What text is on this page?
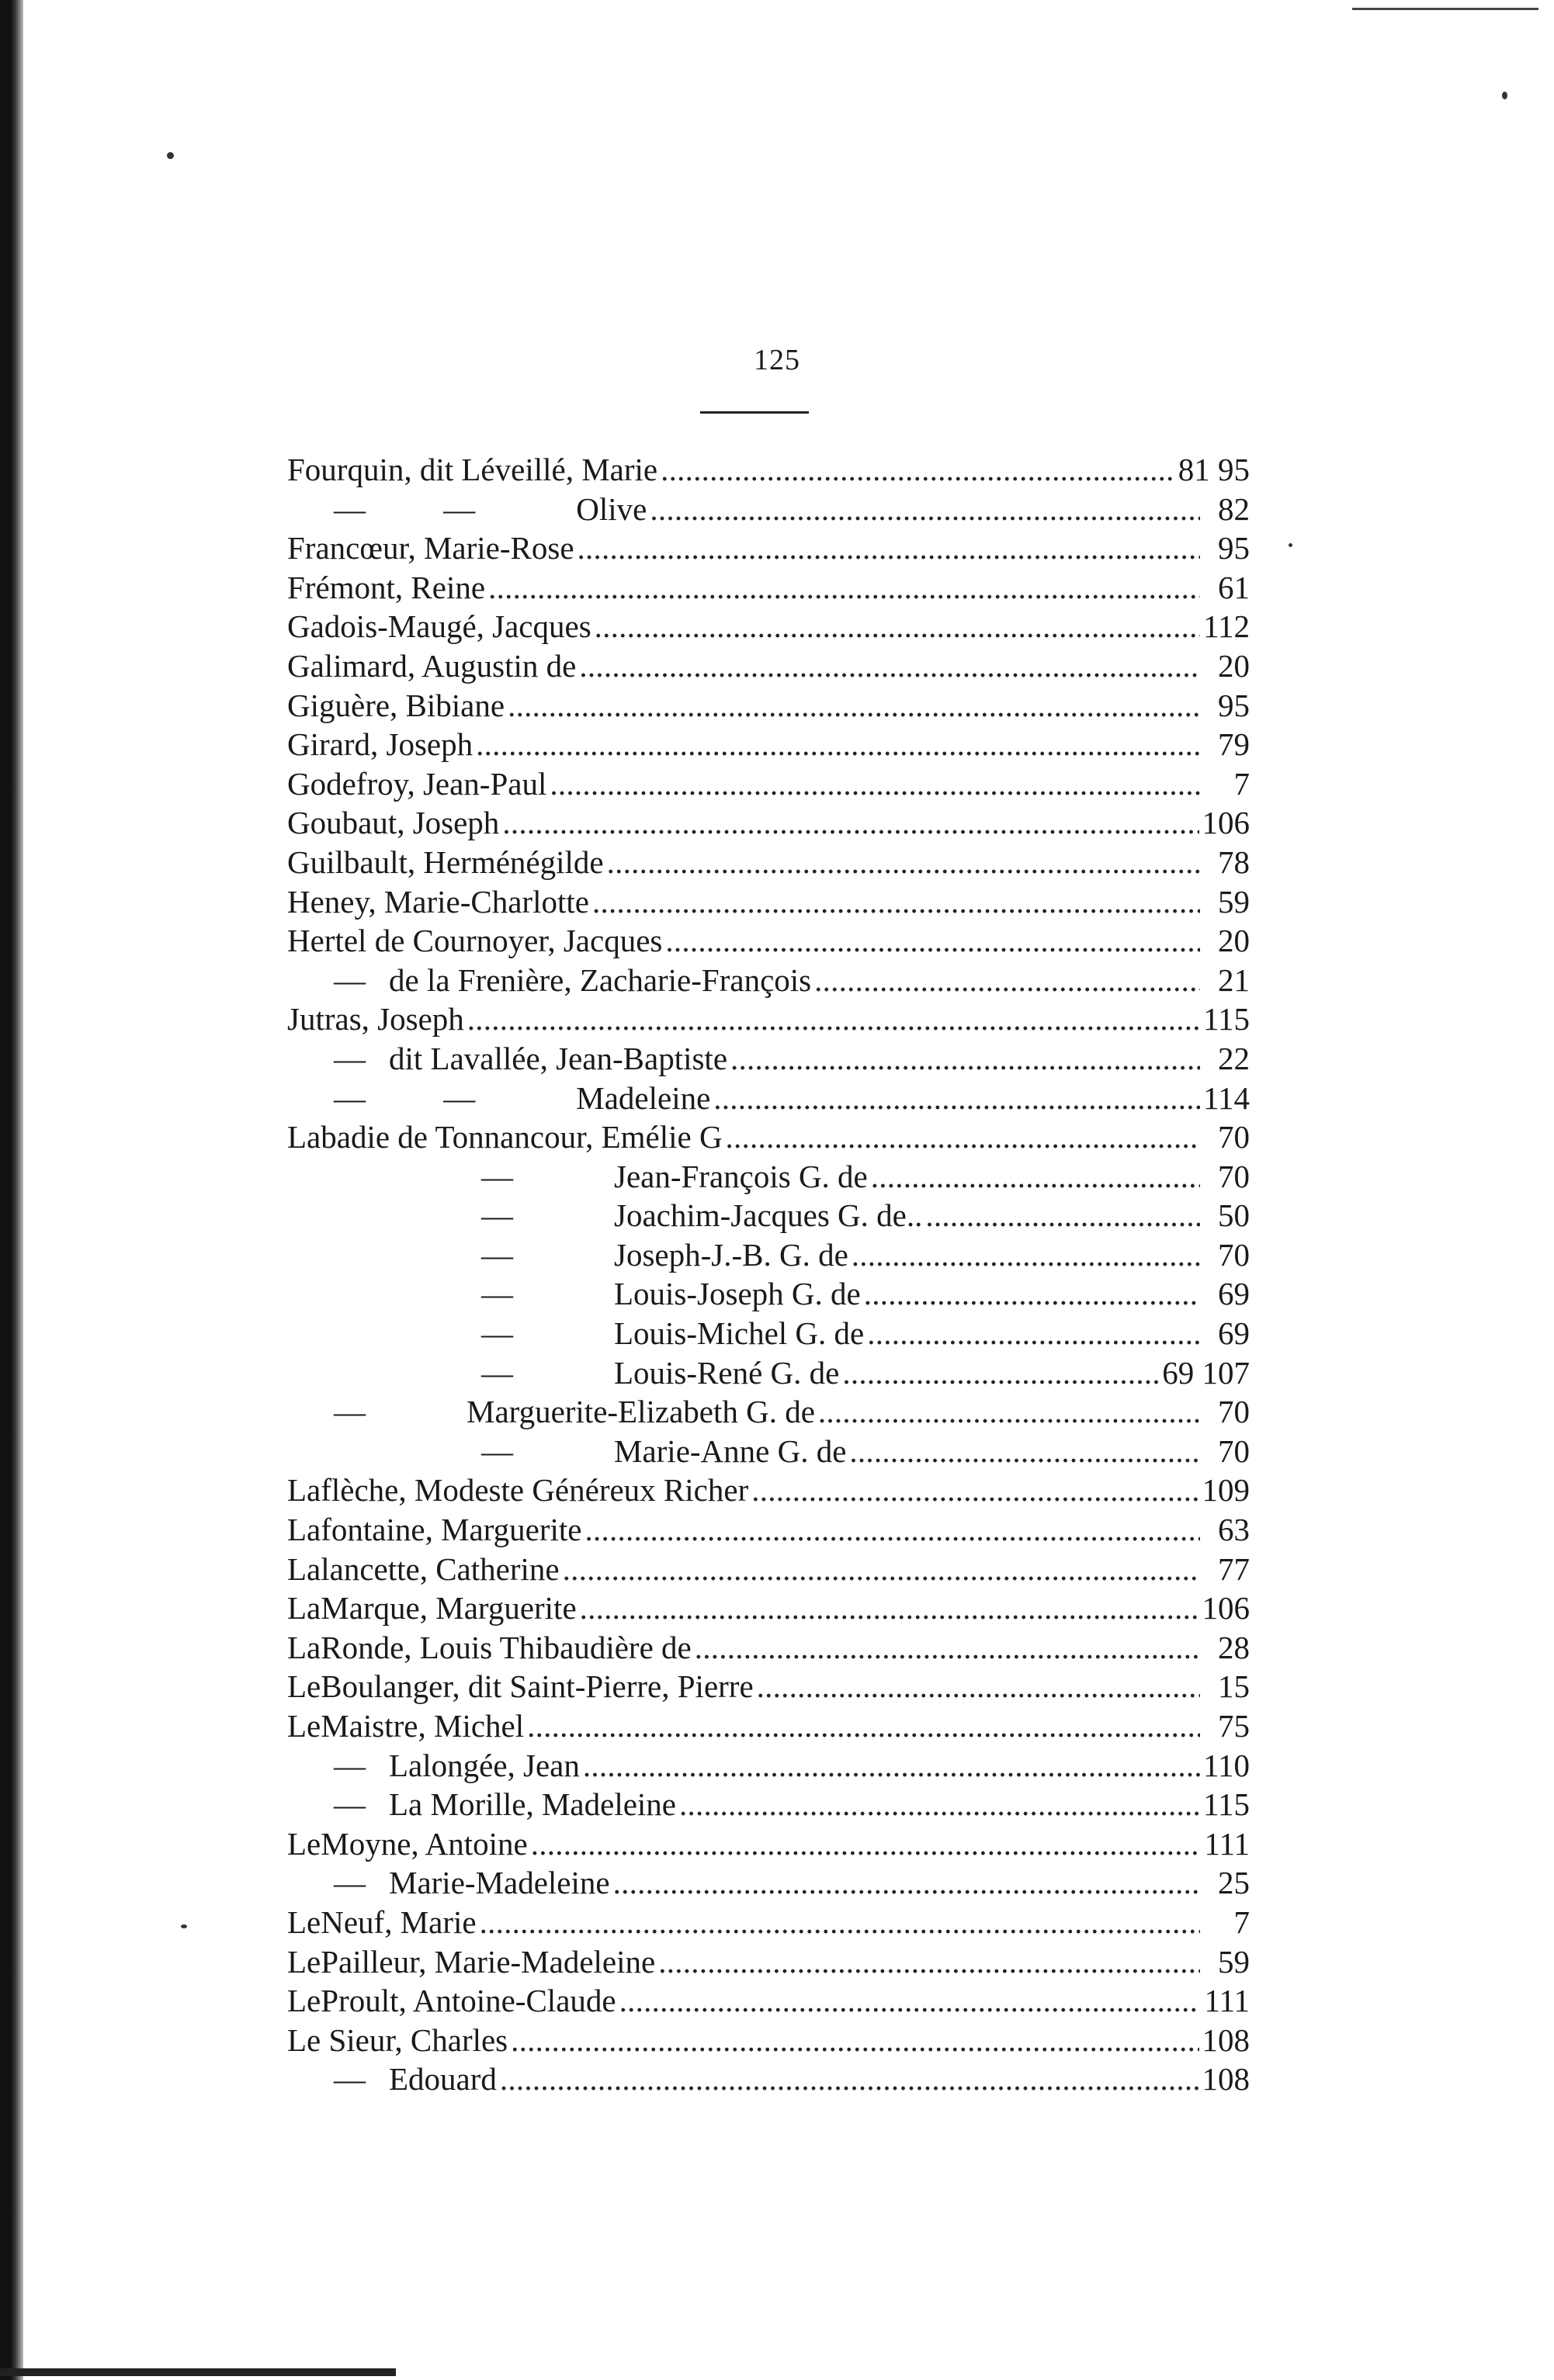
125
Fourquin, dit Léveillé, Marie . . .	81 95
— —	Olive . . .	82
Francœur, Marie-Rose . . .	95
Frémont, Reine . . .	61
Gadois-Maugé, Jacques . . .	112
Galimard, Augustin de . . .	20
Giguère, Bibiane . . .	95
Girard, Joseph . . .	79
Godefroy, Jean-Paul . . .	7
Goubaut, Joseph . . .	106
Guilbault, Herménégilde . . .	78
Heney, Marie-Charlotte . . .	59
Hertel de Cournoyer, Jacques . . .	20
— de la Frenière, Zacharie-François . . .	21
Jutras, Joseph . . .	115
— dit Lavallée, Jean-Baptiste . . .	22
— —	Madeleine . . .	114
Labadie de Tonnancour, Emélie G . . .	70
—	Jean-François G. de . . .	70
—	Joachim-Jacques G. de.. . . .	50
—	Joseph-J.-B. G. de . . .	70
—	Louis-Joseph G. de . . .	69
—	Louis-Michel G. de . . .	69
—	Louis-René G. de . . .	69 107
—	Marguerite-Elizabeth G. de . . .	70
—	Marie-Anne G. de . . .	70
Laflèche, Modeste Généreux Richer . . .	109
Lafontaine, Marguerite . . .	63
Lalancette, Catherine . . .	77
LaMarque, Marguerite . . .	106
LaRonde, Louis Thibaudière de . . .	28
LeBoulanger, dit Saint-Pierre, Pierre . . .	15
LeMaistre, Michel . . .	75
— Lalongée, Jean . . .	110
— La Morille, Madeleine . . .	115
LeMoyne, Antoine . . .	111
— Marie-Madeleine . . .	25
LeNeuf, Marie . . .	7
LePailleur, Marie-Madeleine . . .	59
LeProult, Antoine-Claude . . .	111
Le Sieur, Charles . . .	108
— Edouard . . .	108
